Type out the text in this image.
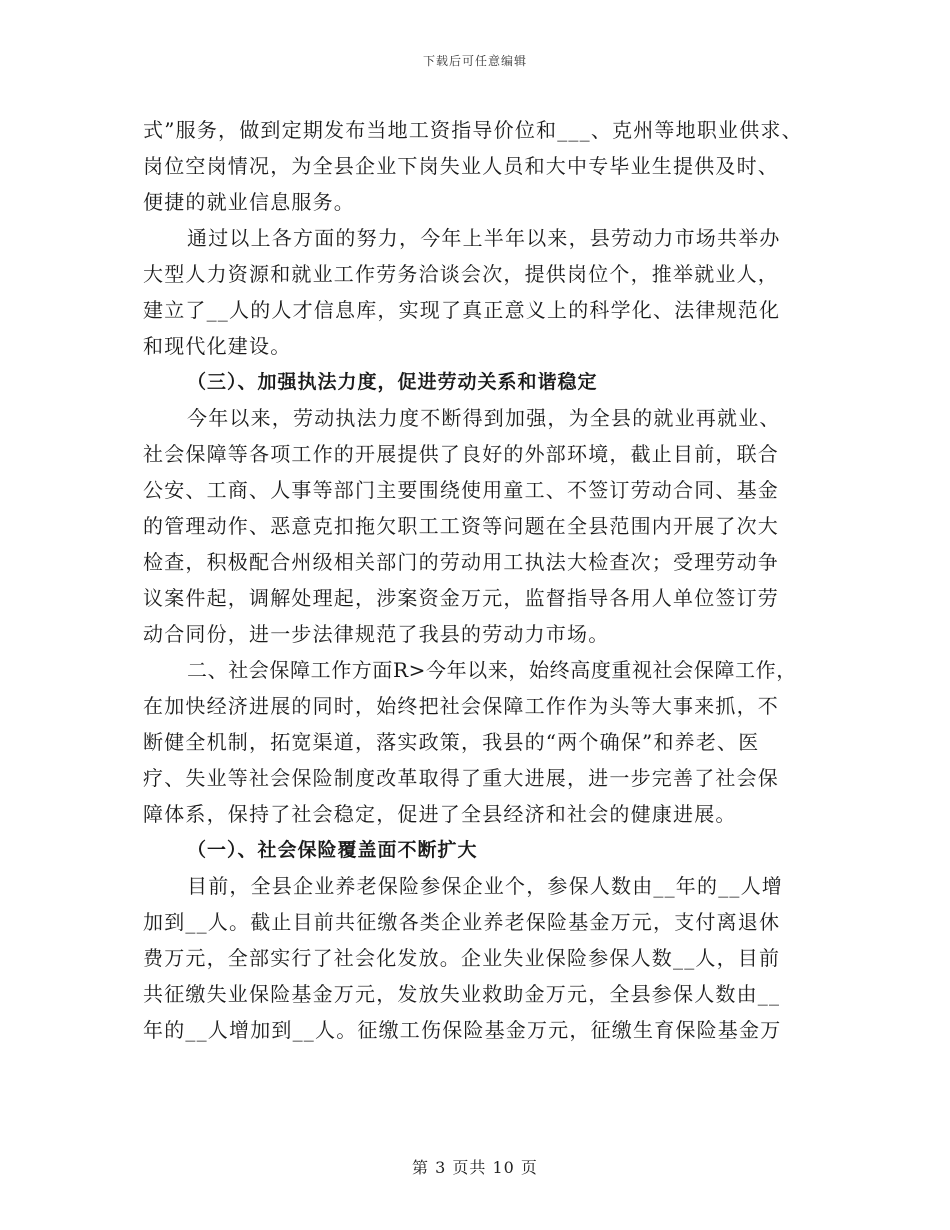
下载后可任意编辑
式”服务，做到定期发布当地工资指导价位和___、克州等地职业供求、
岗位空岗情况，为全县企业下岗失业人员和大中专毕业生提供及时、
便捷的就业信息服务。
通过以上各方面的努力，今年上半年以来，县劳动力市场共举办
大型人力资源和就业工作劳务洽谈会次，提供岗位个，推举就业人，
建立了__人的人才信息库，实现了真正意义上的科学化、法律规范化
和现代化建设。
（三）、加强执法力度，促进劳动关系和谐稳定
今年以来，劳动执法力度不断得到加强，为全县的就业再就业、
社会保障等各项工作的开展提供了良好的外部环境，截止目前，联合
公安、工商、人事等部门主要围绕使用童工、不签订劳动合同、基金
的管理动作、恶意克扣拖欠职工工资等问题在全县范围内开展了次大
检查，积极配合州级相关部门的劳动用工执法大检查次；受理劳动争
议案件起，调解处理起，涉案资金万元，监督指导各用人单位签订劳
动合同份，进一步法律规范了我县的劳动力市场。
二、社会保障工作方面R>今年以来，始终高度重视社会保障工作，
在加快经济进展的同时，始终把社会保障工作作为头等大事来抓，不
断健全机制，拓宽渠道，落实政策，我县的“两个确保”和养老、医
疗、失业等社会保险制度改革取得了重大进展，进一步完善了社会保
障体系，保持了社会稳定，促进了全县经济和社会的健康进展。
（一）、社会保险覆盖面不断扩大
目前，全县企业养老保险参保企业个，参保人数由__年的__人增
加到__人。截止目前共征缴各类企业养老保险基金万元，支付离退休
费万元，全部实行了社会化发放。企业失业保险参保人数__人，目前
共征缴失业保险基金万元，发放失业救助金万元，全县参保人数由__
年的__人增加到__人。征缴工伤保险基金万元，征缴生育保险基金万
第 3 页共 10 页
